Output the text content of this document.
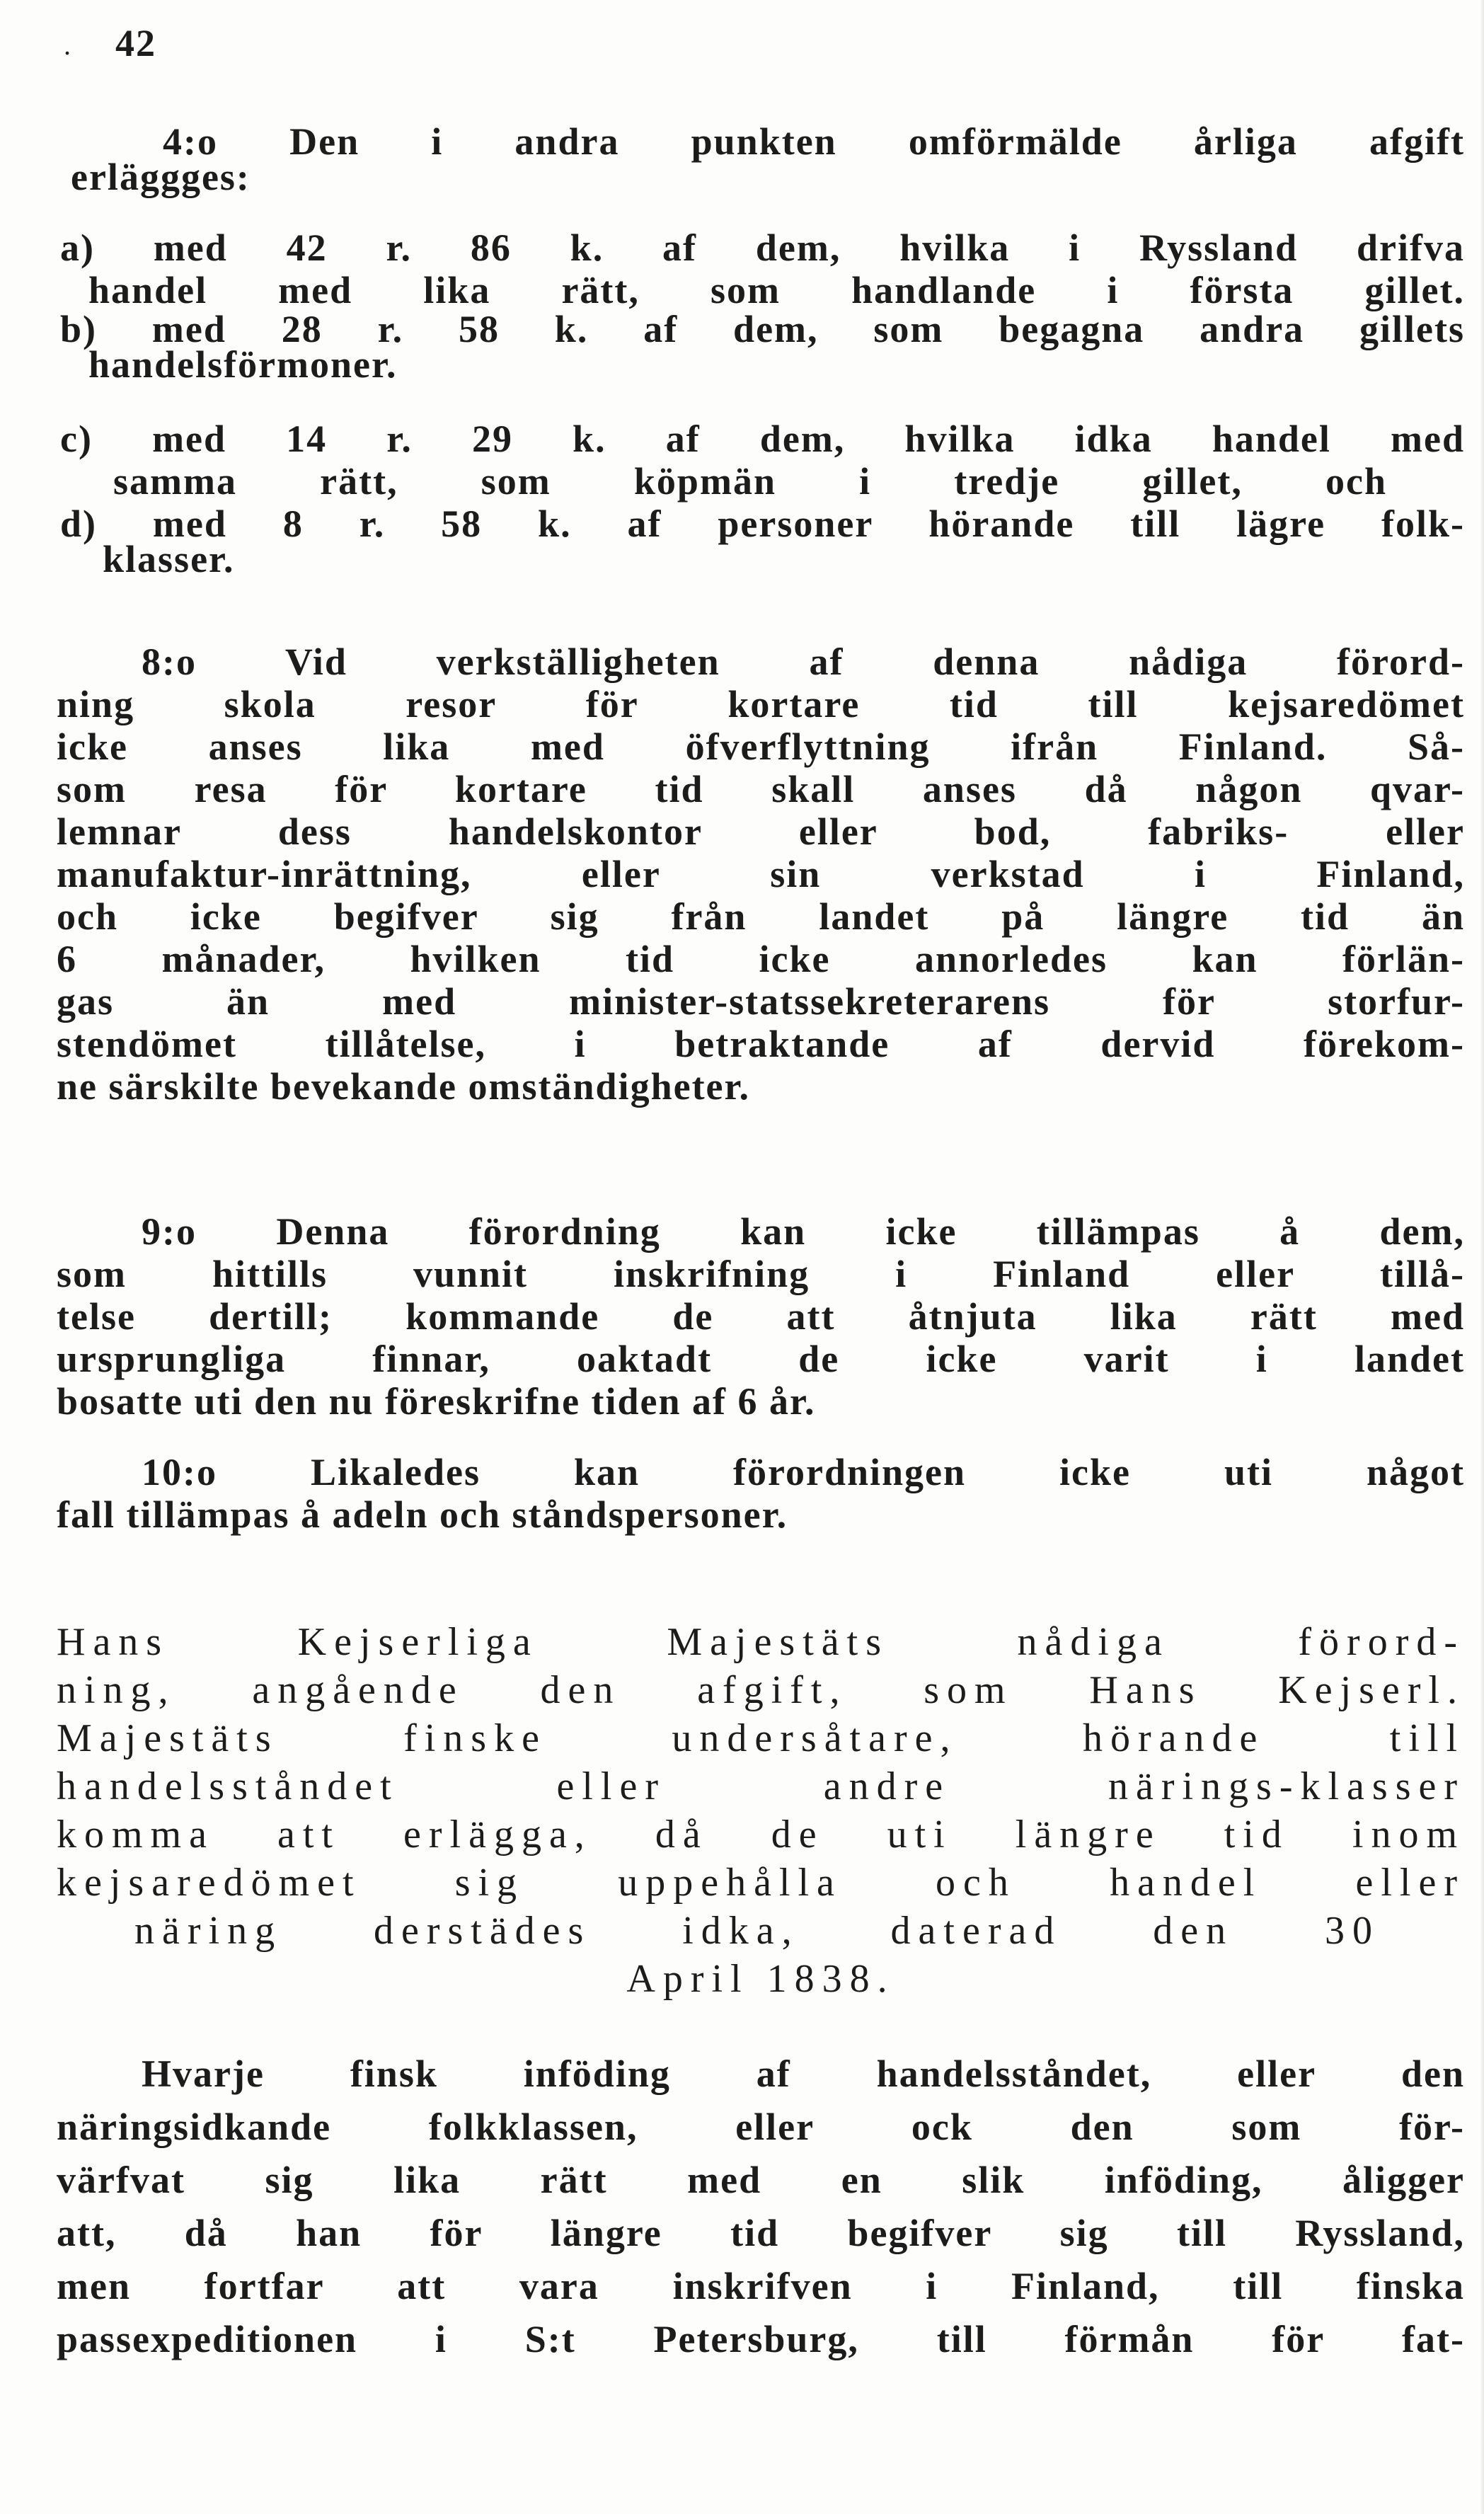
. 42
4:o Den i andra punkten omförmälde årliga afgift
erläggges:
a) med 42 r. 86 k. af dem, hvilka i Ryssland drifva
handel med lika rätt, som handlande i första gillet.
b) med 28 r. 58 k. af dem, som begagna andra gillets
handelsförmoner.
c) med 14 r. 29 k. af dem, hvilka idka handel med
samma rätt, som köpmän i tredje gillet, och
d) med 8 r. 58 k. af personer hörande till lägre folk-
klasser.
8:o Vid verkställigheten af denna nådiga förord-
ning skola resor för kortare tid till kejsaredömet
icke anses lika med öfverflyttning ifrån Finland. Så-
som resa för kortare tid skall anses då någon qvar-
lemnar dess handelskontor eller bod, fabriks- eller
manufaktur-inrättning, eller sin verkstad i Finland,
och icke begifver sig från landet på längre tid än
6 månader, hvilken tid icke annorledes kan förlän-
gas än med minister-statssekreterarens för storfur-
stendömet tillåtelse, i betraktande af dervid förekom-
ne särskilte bevekande omständigheter.
9:o Denna förordning kan icke tillämpas å dem,
som hittills vunnit inskrifning i Finland eller tillå-
telse dertill; kommande de att åtnjuta lika rätt med
ursprungliga finnar, oaktadt de icke varit i landet
bosatte uti den nu föreskrifne tiden af 6 år.
10:o Likaledes kan förordningen icke uti något
fall tillämpas å adeln och ståndspersoner.
Hans Kejserliga Majestäts nådiga förord-
ning, angående den afgift, som Hans Kejserl.
Majestäts finske undersåtare, hörande till
handelsståndet eller andre närings-klasser
komma att erlägga, då de uti längre tid inom
kejsaredömet sig uppehålla och handel eller
näring derstädes idka, daterad den 30
April 1838.
Hvarje finsk inföding af handelsståndet, eller den
näringsidkande folkklassen, eller ock den som för-
värfvat sig lika rätt med en slik inföding, åligger
att, då han för längre tid begifver sig till Ryssland,
men fortfar att vara inskrifven i Finland, till finska
passexpeditionen i S:t Petersburg, till förmån för fat-
